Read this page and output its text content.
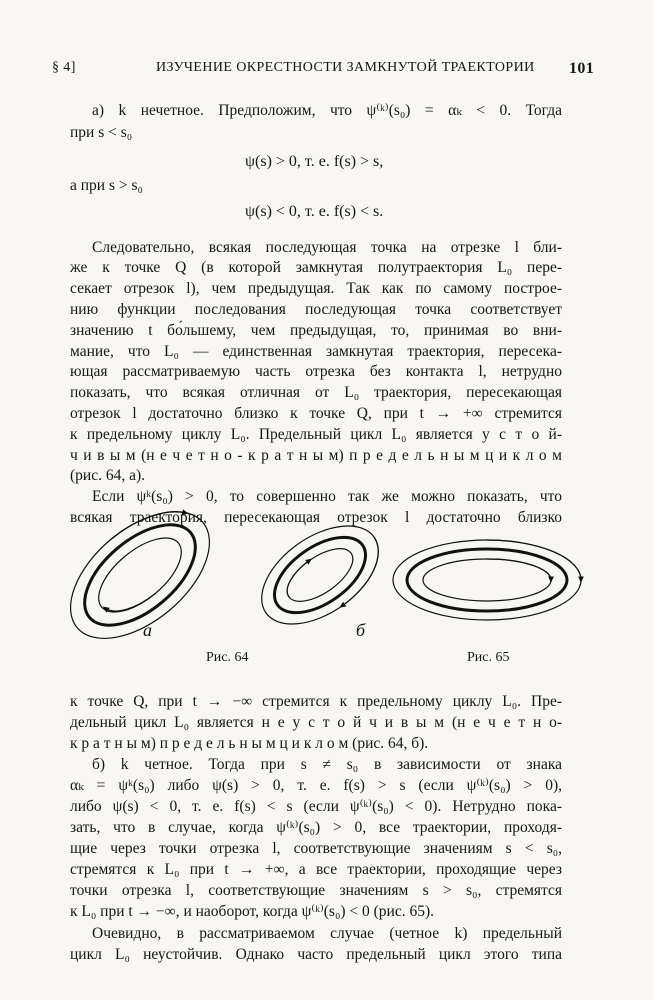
§ 4]	ИЗУЧЕНИЕ ОКРЕСТНОСТИ ЗАМКНУТОЙ ТРАЕКТОРИИ 101
а) k нечетное. Предположим, что ψ⁽ᵏ⁾(s₀) = αₖ < 0. Тогда
при s < s₀
ψ(s) > 0, т. е. f(s) > s,
а при s > s₀
ψ(s) < 0, т. е. f(s) < s.
Следовательно, всякая последующая точка на отрезке l бли-
же к точке Q (в которой замкнутая полутраектория L₀ пере-
секает отрезок l), чем предыдущая. Так как по самому построе-
нию функции последования последующая точка соответствует
значению t бо́льшему, чем предыдущая, то, принимая во вни-
мание, что L₀ — единственная замкнутая траектория, пересека-
ющая рассматриваемую часть отрезка без контакта l, нетрудно
показать, что всякая отличная от L₀ траектория, пересекающая
отрезок l достаточно близко к точке Q, при t → +∞ стремится
к предельному циклу L₀. Предельный цикл L₀ является у с т о й-
ч и в ы м (н е ч е т н о - к р а т н ы м) п р е д е л ь н ы м ц и к л о м
(рис. 64, а).
Если ψᵏ(s₀) > 0, то совершенно так же можно показать, что
всякая траектория, пересекающая отрезок l достаточно близко
а	б
Рис. 64	Рис. 65
к точке Q, при t → −∞ стремится к предельному циклу L₀. Пре-
дельный цикл L₀ является н е у с т о й ч и в ы м (н е ч е т н о-
к р а т н ы м) п р е д е л ь н ы м ц и к л о м (рис. 64, б).
б) k четное. Тогда при s ≠ s₀ в зависимости от знака
αₖ = ψᵏ(s₀) либо ψ(s) > 0, т. е. f(s) > s (если ψ⁽ᵏ⁾(s₀) > 0),
либо ψ(s) < 0, т. е. f(s) < s (если ψ⁽ᵏ⁾(s₀) < 0). Нетрудно пока-
зать, что в случае, когда ψ⁽ᵏ⁾(s₀) > 0, все траектории, проходя-
щие через точки отрезка l, соответствующие значениям s < s₀,
стремятся к L₀ при t → +∞, а все траектории, проходящие через
точки отрезка l, соответствующие значениям s > s₀, стремятся
к L₀ при t → −∞, и наоборот, когда ψ⁽ᵏ⁾(s₀) < 0 (рис. 65).
Очевидно, в рассматриваемом случае (четное k) предельный
цикл L₀ неустойчив. Однако часто предельный цикл этого типа
